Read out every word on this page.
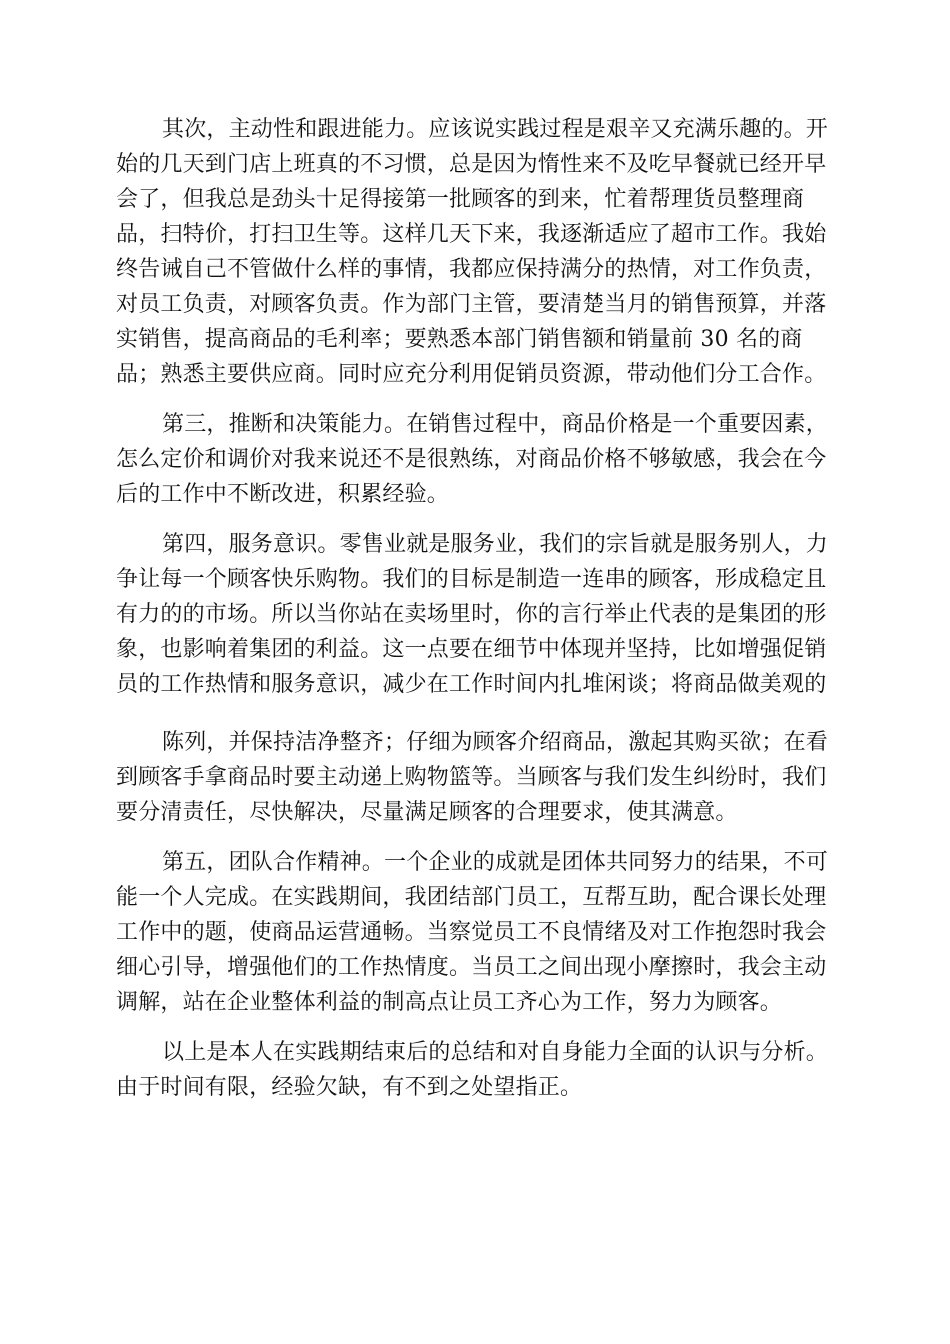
其次，主动性和跟进能力。应该说实践过程是艰辛又充满乐趣的。开
始的几天到门店上班真的不习惯，总是因为惰性来不及吃早餐就已经开早
会了，但我总是劲头十足得接第一批顾客的到来，忙着帮理货员整理商
品，扫特价，打扫卫生等。这样几天下来，我逐渐适应了超市工作。我始
终告诫自己不管做什么样的事情，我都应保持满分的热情，对工作负责，
对员工负责，对顾客负责。作为部门主管，要清楚当月的销售预算，并落
实销售，提高商品的毛利率；要熟悉本部门销售额和销量前 30 名的商
品；熟悉主要供应商。同时应充分利用促销员资源，带动他们分工合作。
第三，推断和决策能力。在销售过程中，商品价格是一个重要因素，
怎么定价和调价对我来说还不是很熟练，对商品价格不够敏感，我会在今
后的工作中不断改进，积累经验。
第四，服务意识。零售业就是服务业，我们的宗旨就是服务别人，力
争让每一个顾客快乐购物。我们的目标是制造一连串的顾客，形成稳定且
有力的的市场。所以当你站在卖场里时，你的言行举止代表的是集团的形
象，也影响着集团的利益。这一点要在细节中体现并坚持，比如增强促销
员的工作热情和服务意识，减少在工作时间内扎堆闲谈；将商品做美观的
陈列，并保持洁净整齐；仔细为顾客介绍商品，激起其购买欲；在看
到顾客手拿商品时要主动递上购物篮等。当顾客与我们发生纠纷时，我们
要分清责任，尽快解决，尽量满足顾客的合理要求，使其满意。
第五，团队合作精神。一个企业的成就是团体共同努力的结果，不可
能一个人完成。在实践期间，我团结部门员工，互帮互助，配合课长处理
工作中的题，使商品运营通畅。当察觉员工不良情绪及对工作抱怨时我会
细心引导，增强他们的工作热情度。当员工之间出现小摩擦时，我会主动
调解，站在企业整体利益的制高点让员工齐心为工作，努力为顾客。
以上是本人在实践期结束后的总结和对自身能力全面的认识与分析。
由于时间有限，经验欠缺，有不到之处望指正。
